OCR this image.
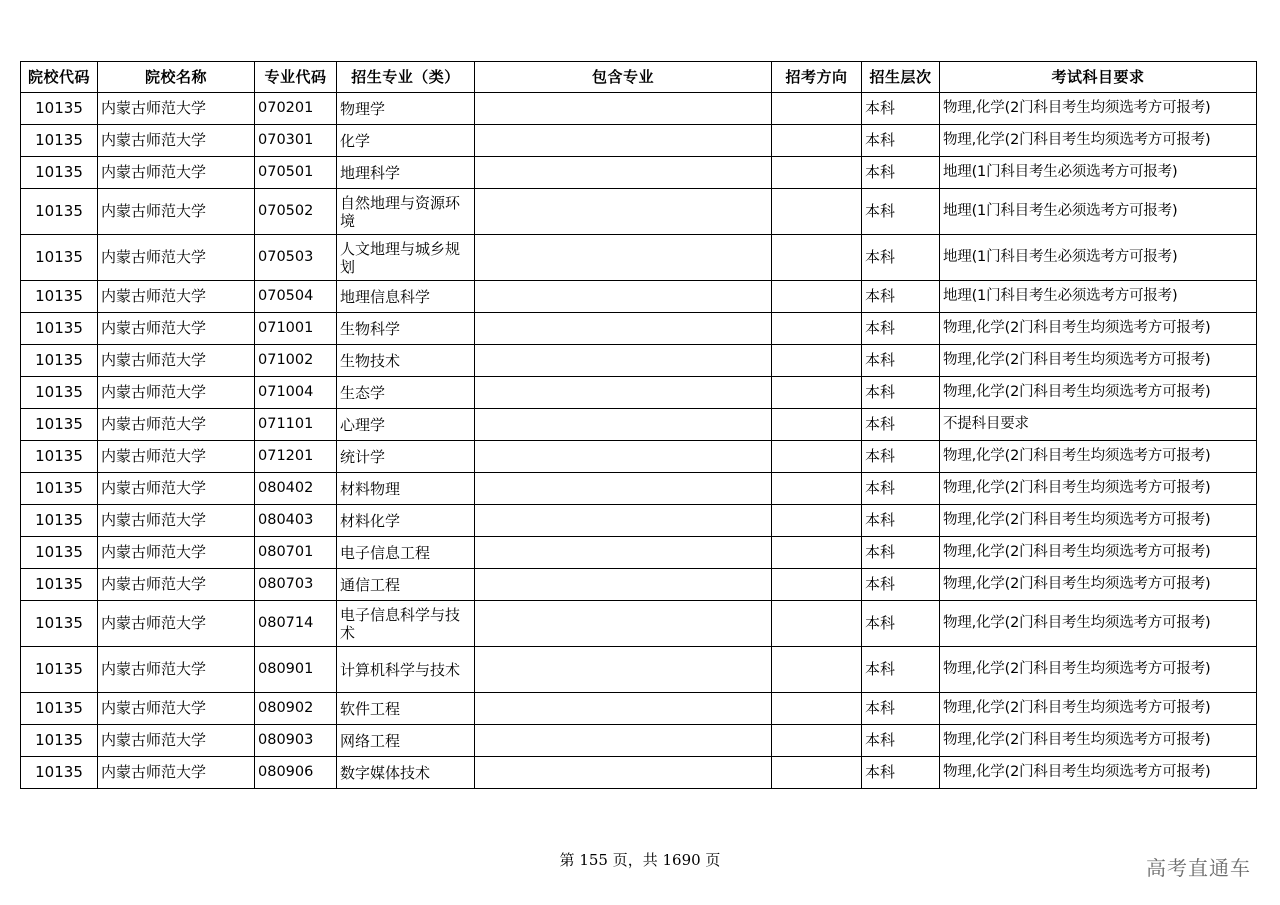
院校代码	院校名称	专业代码	招生专业（类）	包含专业	招考方向	招生层次	考试科目要求
10135	内蒙古师范大学	070201	物理学			本科	物理,化学(2门科目考生均须选考方可报考)
10135	内蒙古师范大学	070301	化学			本科	物理,化学(2门科目考生均须选考方可报考)
10135	内蒙古师范大学	070501	地理科学			本科	地理(1门科目考生必须选考方可报考)
10135	内蒙古师范大学	070502	自然地理与资源环境			本科	地理(1门科目考生必须选考方可报考)
10135	内蒙古师范大学	070503	人文地理与城乡规划			本科	地理(1门科目考生必须选考方可报考)
10135	内蒙古师范大学	070504	地理信息科学			本科	地理(1门科目考生必须选考方可报考)
10135	内蒙古师范大学	071001	生物科学			本科	物理,化学(2门科目考生均须选考方可报考)
10135	内蒙古师范大学	071002	生物技术			本科	物理,化学(2门科目考生均须选考方可报考)
10135	内蒙古师范大学	071004	生态学			本科	物理,化学(2门科目考生均须选考方可报考)
10135	内蒙古师范大学	071101	心理学			本科	不提科目要求
10135	内蒙古师范大学	071201	统计学			本科	物理,化学(2门科目考生均须选考方可报考)
10135	内蒙古师范大学	080402	材料物理			本科	物理,化学(2门科目考生均须选考方可报考)
10135	内蒙古师范大学	080403	材料化学			本科	物理,化学(2门科目考生均须选考方可报考)
10135	内蒙古师范大学	080701	电子信息工程			本科	物理,化学(2门科目考生均须选考方可报考)
10135	内蒙古师范大学	080703	通信工程			本科	物理,化学(2门科目考生均须选考方可报考)
10135	内蒙古师范大学	080714	电子信息科学与技术			本科	物理,化学(2门科目考生均须选考方可报考)
10135	内蒙古师范大学	080901	计算机科学与技术			本科	物理,化学(2门科目考生均须选考方可报考)
10135	内蒙古师范大学	080902	软件工程			本科	物理,化学(2门科目考生均须选考方可报考)
10135	内蒙古师范大学	080903	网络工程			本科	物理,化学(2门科目考生均须选考方可报考)
10135	内蒙古师范大学	080906	数字媒体技术			本科	物理,化学(2门科目考生均须选考方可报考)
第 155 页，共 1690 页	高考直通车
